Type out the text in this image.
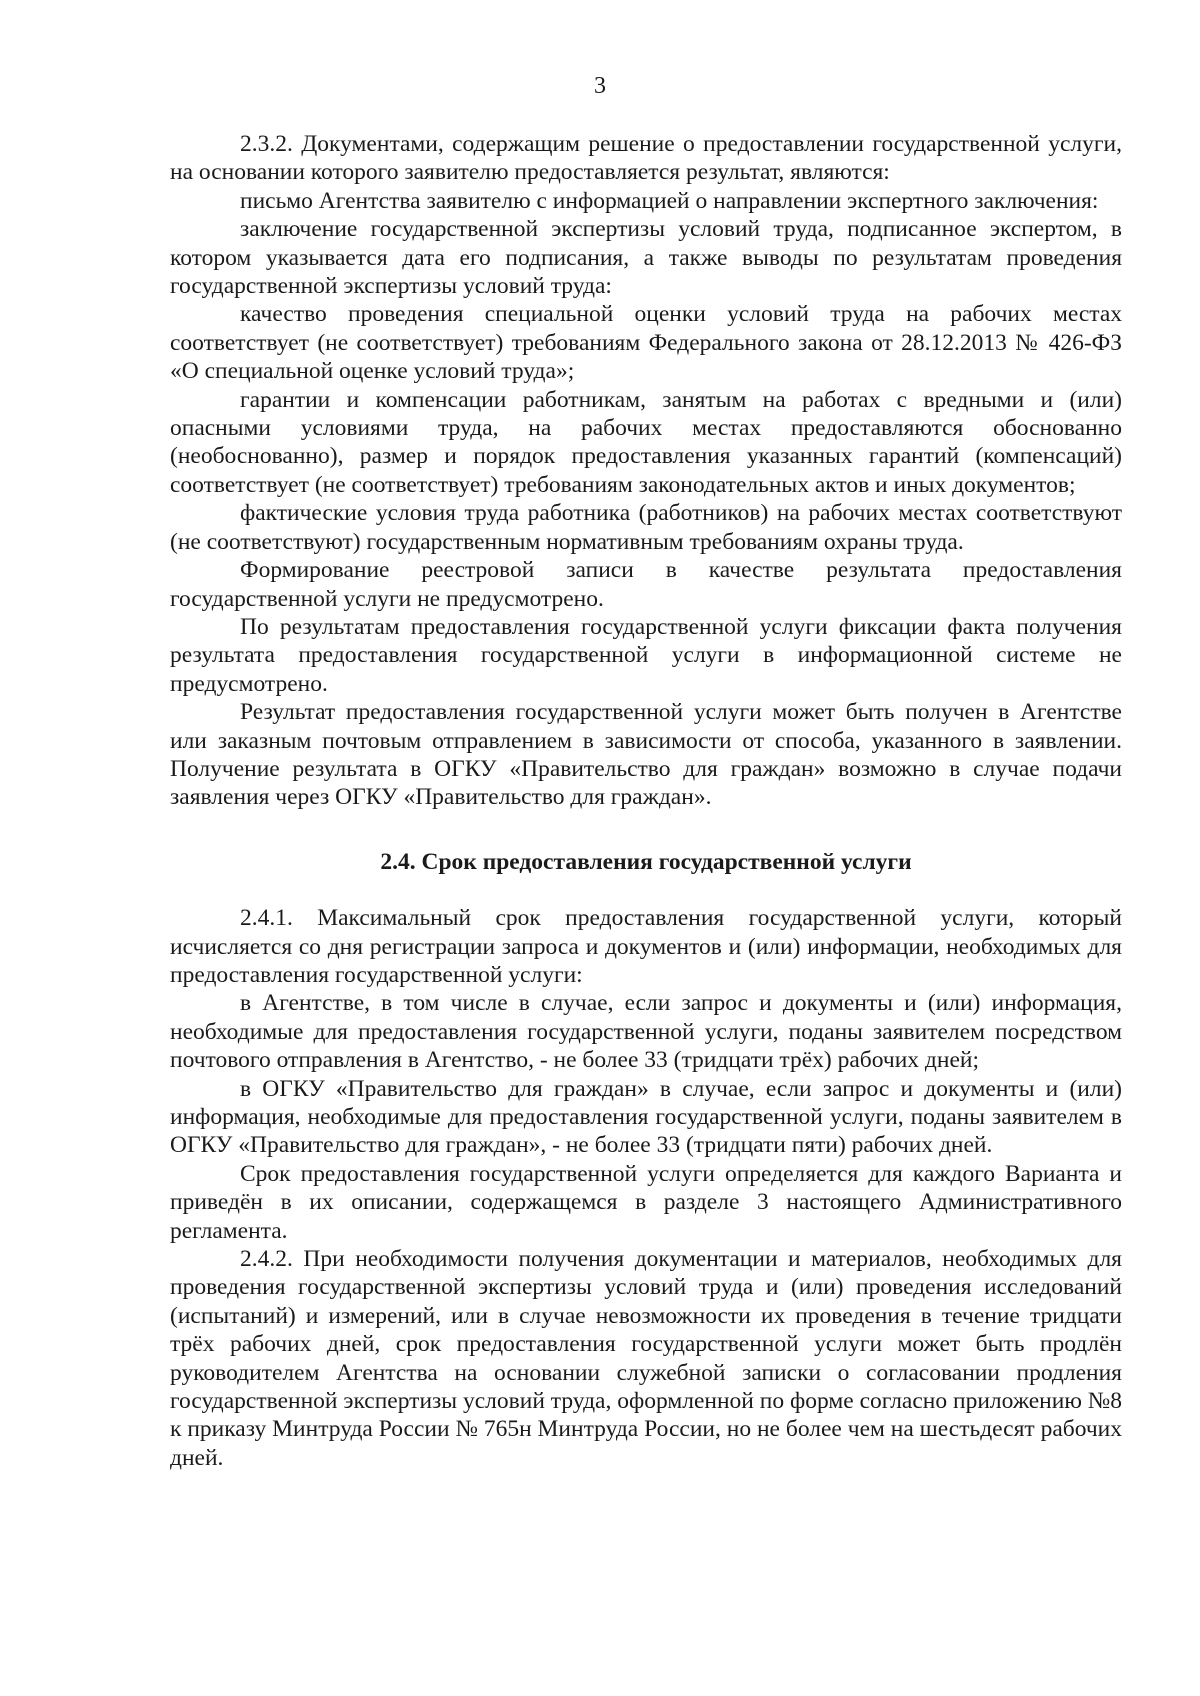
3

2.3.2. Документами, содержащим решение о предоставлении государственной услуги, на основании которого заявителю предоставляется результат, являются:

письмо Агентства заявителю с информацией о направлении экспертного заключения:

заключение государственной экспертизы условий труда, подписанное экспертом, в котором указывается дата его подписания, а также выводы по результатам проведения государственной экспертизы условий труда:

качество проведения специальной оценки условий труда на рабочих местах соответствует (не соответствует) требованиям Федерального закона от 28.12.2013 № 426-ФЗ «О специальной оценке условий труда»;

гарантии и компенсации работникам, занятым на работах с вредными и (или) опасными условиями труда, на рабочих местах предоставляются обоснованно (необоснованно), размер и порядок предоставления указанных гарантий (компенсаций) соответствует (не соответствует) требованиям законодательных актов и иных документов;

фактические условия труда работника (работников) на рабочих местах соответствуют (не соответствуют) государственным нормативным требованиям охраны труда.

Формирование реестровой записи в качестве результата предоставления государственной услуги не предусмотрено.

По результатам предоставления государственной услуги фиксации факта получения результата предоставления государственной услуги в информационной системе не предусмотрено.

Результат предоставления государственной услуги может быть получен в Агентстве или заказным почтовым отправлением в зависимости от способа, указанного в заявлении. Получение результата в ОГКУ «Правительство для граждан» возможно в случае подачи заявления через ОГКУ «Правительство для граждан».

2.4. Срок предоставления государственной услуги

2.4.1. Максимальный срок предоставления государственной услуги, который исчисляется со дня регистрации запроса и документов и (или) информации, необходимых для предоставления государственной услуги:

в Агентстве, в том числе в случае, если запрос и документы и (или) информация, необходимые для предоставления государственной услуги, поданы заявителем посредством почтового отправления в Агентство, - не более 33 (тридцати трёх) рабочих дней;

в ОГКУ «Правительство для граждан» в случае, если запрос и документы и (или) информация, необходимые для предоставления государственной услуги, поданы заявителем в ОГКУ «Правительство для граждан», - не более 33 (тридцати пяти) рабочих дней.

Срок предоставления государственной услуги определяется для каждого Варианта и приведён в их описании, содержащемся в разделе 3 настоящего Административного регламента.

2.4.2. При необходимости получения документации и материалов, необходимых для проведения государственной экспертизы условий труда и (или) проведения исследований (испытаний) и измерений, или в случае невозможности их проведения в течение тридцати трёх рабочих дней, срок предоставления государственной услуги может быть продлён руководителем Агентства на основании служебной записки о согласовании продления государственной экспертизы условий труда, оформленной по форме согласно приложению №8 к приказу Минтруда России № 765н Минтруда России, но не более чем на шестьдесят рабочих дней.
